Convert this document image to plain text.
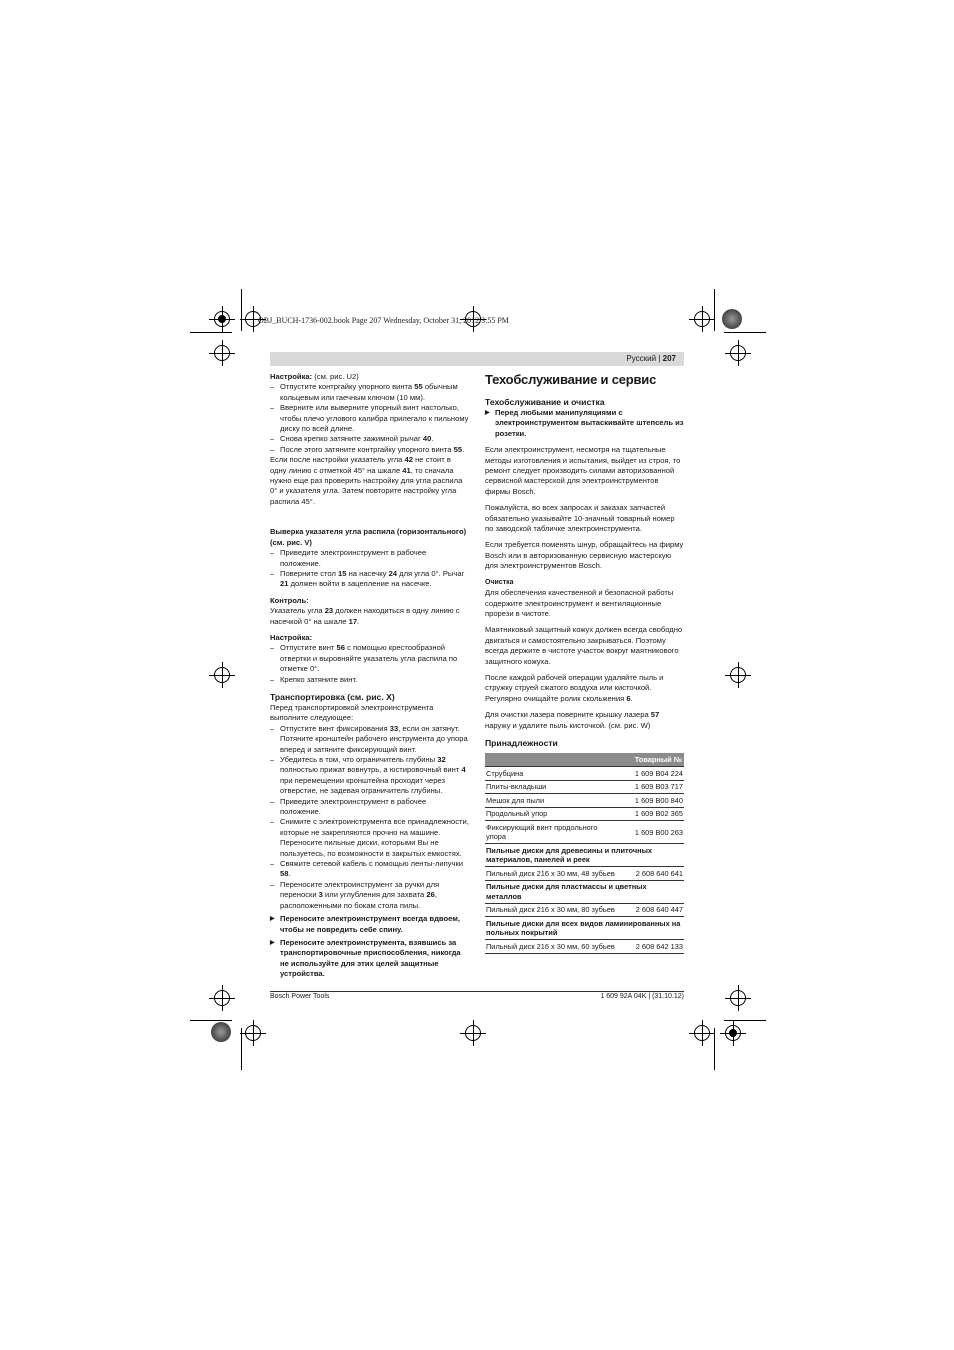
OBJ_BUCH-1736-002.book Page 207 Wednesday, October 31, 2012 3:55 PM
Русский | 207

Настройка: (см. рис. U2)

– Отпустите контргайку упорного винта 55 обычным кольцевым или гаечным ключом (10 мм).

– Вверните или выверните упорный винт настолько, чтобы плечо углового калибра прилегало к пильному диску по всей длине.

– Снова крепко затяните зажимной рычаг 40.

– После этого затяните контргайку упорного винта 55.

Если после настройки указатель угла 42 не стоит в одну линию с отметкой 45° на шкале 41, то сначала нужно еще раз проверить настройку для угла распила 0° и указателя угла. Затем повторите настройку угла распила 45°.

Выверка указателя угла распила (горизонтального) (см. рис. V)

– Приведите электроинструмент в рабочее положение.

– Поверните стол 15 на насечку 24 для угла 0°. Рычаг 21 должен войти в зацепление на насечке.

Контроль:

Указатель угла 23 должен находиться в одну линию с насечкой 0° на шкале 17.

Настройка:

– Отпустите винт 56 с помощью крестообразной отвертки и выровняйте указатель угла распила по отметке 0°.

– Крепко затяните винт.

Транспортировка (см. рис. X)

Перед транспортировкой электроинструмента выполните следующее:

– Отпустите винт фиксирования 33, если он затянут. Потяните кронштейн рабочего инструмента до упора вперед и затяните фиксирующий винт.

– Убедитесь в том, что ограничитель глубины 32 полностью прижат вовнутрь, а юстировочный винт 4 при перемещении кронштейна проходит через отверстие, не задевая ограничитель глубины.

– Приведите электроинструмент в рабочее положение.

– Снимите с электроинструмента все принадлежности, которые не закрепляются прочно на машине. Переносите пильные диски, которыми Вы не пользуетесь, по возможности в закрытых емкостях.

– Свяжите сетевой кабель с помощью ленты-липучки 58.

– Переносите электроинструмент за ручки для переноски 3 или углубления для захвата 26, расположенными по бокам стола пилы.

▶ Переносите электроинструмент всегда вдвоем, чтобы не повредить себе спину.

▶ Переносите электроинструмента, взявшись за транспортировочные приспособления, никогда не используйте для этих целей защитные устройства.

Техобслуживание и сервис

Техобслуживание и очистка

▶ Перед любыми манипуляциями с электроинструментом вытаскивайте штепсель из розетки.

Если электроинструмент, несмотря на тщательные методы изготовления и испытания, выйдет из строя, то ремонт следует производить силами авторизованной сервисной мастерской для электроинструментов фирмы Bosch.

Пожалуйста, во всех запросах и заказах запчастей обязательно указывайте 10-значный товарный номер по заводской табличке электроинструмента.

Если требуется поменять шнур, обращайтесь на фирму Bosch или в авторизованную сервисную мастерскую для электроинструментов Bosch.

Очистка

Для обеспечения качественной и безопасной работы содержите электроинструмент и вентиляционные прорези в чистоте.

Маятниковый защитный кожух должен всегда свободно двигаться и самостоятельно закрываться. Поэтому всегда держите в чистоте участок вокруг маятникового защитного кожуха.

После каждой рабочей операции удаляйте пыль и стружку струей сжатого воздуха или кисточкой.

Регулярно очищайте ролик скольжения 6.

Для очистки лазера поверните крышку лазера 57 наружу и удалите пыль кисточкой. (см. рис. W)

Принадлежности

Товарный №	
Струбцина	1 609 B04 224
Плиты-вкладыши	1 609 B03 717
Мешок для пыли	1 609 B00 840
Продольный упор	1 609 B02 365
Фиксирующий винт продольного упора	1 609 B00 263
Пильные диски для древесины и плиточных материалов, панелей и реек	
Пильный диск 216 x 30 мм, 48 зубьев	2 608 640 641
Пильные диски для пластмассы и цветных металлов	
Пильный диск 216 x 30 мм, 80 зубьев	2 608 640 447
Пильные диски для всех видов ламинированных нa пoльных покрытий	
Пильный диск 216 x 30 мм, 60 зубьев	2 608 642 133
Bosch Power Tools	1 609 92A 04K | (31.10.12)
